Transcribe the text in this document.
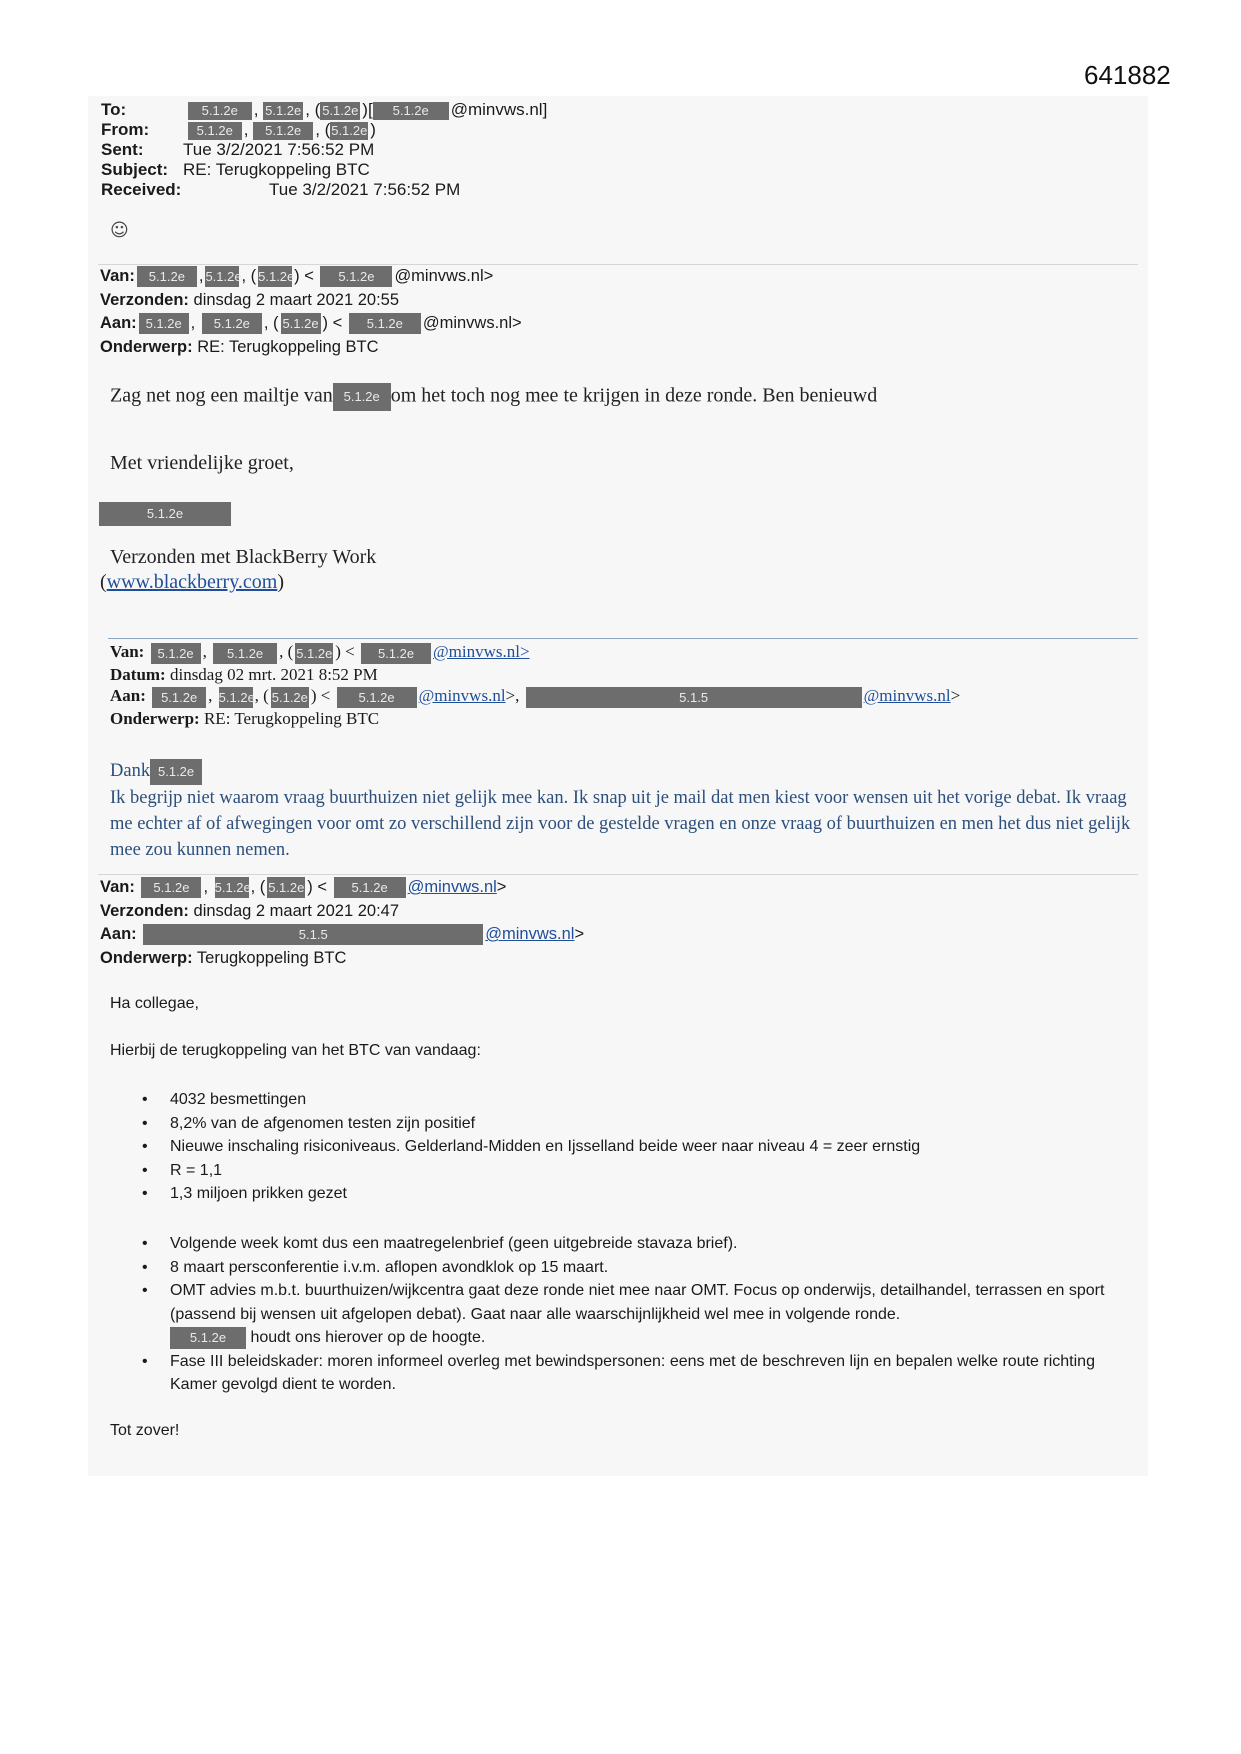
641882
To:	5.1.2e , 5.1.2e , ( 5.1.2e )[ 5.1.2e @minvws.nl]
From:	5.1.2e , 5.1.2e , (5.1.2e )
Sent: Tue 3/2/2021 7:56:52 PM
Subject: RE: Terugkoppeling BTC
Received:	Tue 3/2/2021 7:56:52 PM
☺
Van: 5.1.2e , 5.1.2e, ( 5.1.2e) < 5.1.2e @minvws.nl>
Verzonden: dinsdag 2 maart 2021 20:55
Aan: 5.1.2e , 5.1.2e , ( 5.1.2e ) < 5.1.2e @minvws.nl>
Onderwerp: RE: Terugkoppeling BTC
Zag net nog een mailtje van 5.1.2e om het toch nog mee te krijgen in deze ronde. Ben benieuwd
Met vriendelijke groet,
5.1.2e
Verzonden met BlackBerry Work
(www.blackberry.com)
Van: 5.1.2e , 5.1.2e , ( 5.1.2e ) < 5.1.2e @minvws.nl>
Datum: dinsdag 02 mrt. 2021 8:52 PM
Aan: 5.1.2e , 5.1.2e, ( 5.1.2e ) < 5.1.2e @minvws.nl>,	5.1.5	@minvws.nl>
Onderwerp: RE: Terugkoppeling BTC
Dank 5.1.2e
Ik begrijp niet waarom vraag buurthuizen niet gelijk mee kan. Ik snap uit je mail dat men kiest voor wensen uit het vorige debat. Ik vraag me echter af of afwegingen voor omt zo verschillend zijn voor de gestelde vragen en onze vraag of buurthuizen en men het dus niet gelijk mee zou kunnen nemen.
Van: 5.1.2e , 5.1.2e, ( 5.1.2e ) < 5.1.2e @minvws.nl>
Verzonden: dinsdag 2 maart 2021 20:47
Aan:	5.1.5	@minvws.nl>
Onderwerp: Terugkoppeling BTC
Ha collegae,
Hierbij de terugkoppeling van het BTC van vandaag:
• 4032 besmettingen
• 8,2% van de afgenomen testen zijn positief
• Nieuwe inschaling risiconiveaus. Gelderland-Midden en Ijsselland beide weer naar niveau 4 = zeer ernstig
• R = 1,1
• 1,3 miljoen prikken gezet
• Volgende week komt dus een maatregelenbrief (geen uitgebreide stavaza brief).
• 8 maart persconferentie i.v.m. aflopen avondklok op 15 maart.
• OMT advies m.b.t. buurthuizen/wijkcentra gaat deze ronde niet mee naar OMT. Focus op onderwijs, detailhandel, terrassen en sport (passend bij wensen uit afgelopen debat). Gaat naar alle waarschijnlijkheid wel mee in volgende ronde.
5.1.2e houdt ons hierover op de hoogte.
• Fase III beleidskader: moren informeel overleg met bewindspersonen: eens met de beschreven lijn en bepalen welke route richting Kamer gevolgd dient te worden.
Tot zover!
